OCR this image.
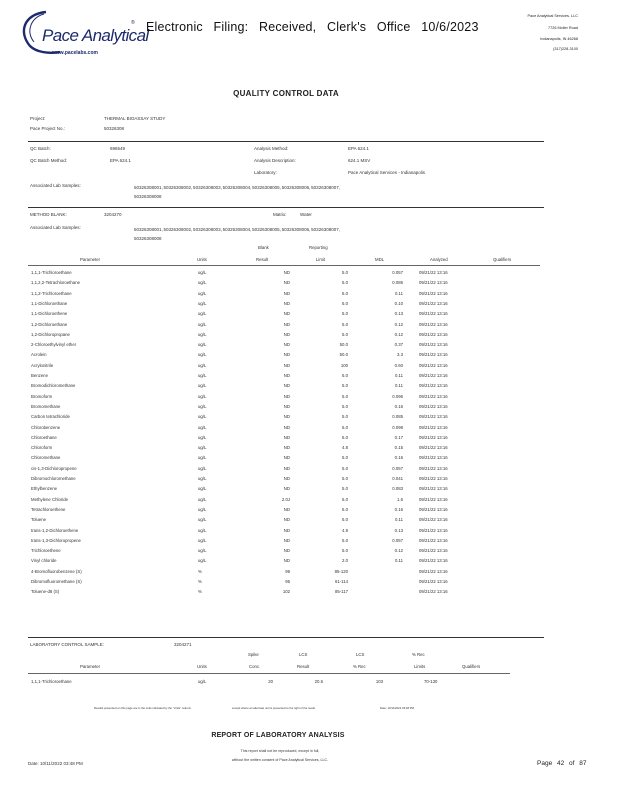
Pace Analytical
®
www.pacelabs.com
Electronic Filing: Received, Clerk's Office 10/6/2023
Pace Analytical Services, LLC
7726 Moller Road
Indianapolis, IN 46268
(317)228-3100
QUALITY CONTROL DATA
Project:	THERMAL BIOASSAY STUDY
Pace Project No.:	50326308
QC Batch:	696549	Analysis Method:	EPA 624.1
QC Batch Method:	EPA 624.1	Analysis Description:	624.1 MSV
Laboratory:	Pace Analytical Services - Indianapolis
Associated Lab Samples:	50326308001, 50326308002, 50326308003, 50326308004, 50326308005, 50326308006, 50326308007,
50326308008
METHOD BLANK:	3204270	Matrix:	Water
Associated Lab Samples:	50326308001, 50326308002, 50326308003, 50326308004, 50326308005, 50326308006, 50326308007,
50326308008
Parameter	Units
Blank
Result
Reporting
Limit	MDL	Analyzed	Qualifiers
1,1,1-Trichloroethane	ug/L	ND	5.0	0.057	09/21/22 13:16
1,1,2,2-Tetrachloroethane	ug/L	ND	5.0	0.086	09/21/22 13:16
1,1,2-Trichloroethane	ug/L	ND	5.0	0.11	09/21/22 13:16
1,1-Dichloroethane	ug/L	ND	5.0	0.10	09/21/22 13:16
1,1-Dichloroethene	ug/L	ND	5.0	0.13	09/21/22 13:16
1,2-Dichloroethane	ug/L	ND	5.0	0.12	09/21/22 13:16
1,2-Dichloropropane	ug/L	ND	5.0	0.12	09/21/22 13:16
2-Chloroethylvinyl ether	ug/L	ND	50.0	0.37	09/21/22 13:16
Acrolein	ug/L	ND	50.0	3.3	09/21/22 13:16
Acrylonitrile	ug/L	ND	100	0.60	09/21/22 13:16
Benzene	ug/L	ND	5.0	0.11	09/21/22 13:16
Bromodichloromethane	ug/L	ND	5.0	0.11	09/21/22 13:16
Bromoform	ug/L	ND	5.0	0.096	09/21/22 13:16
Bromomethane	ug/L	ND	5.0	0.16	09/21/22 13:16
Carbon tetrachloride	ug/L	ND	5.0	0.085	09/21/22 13:16
Chlorobenzene	ug/L	ND	5.0	0.098	09/21/22 13:16
Chloroethane	ug/L	ND	5.0	0.17	09/21/22 13:16
Chloroform	ug/L	ND	4.8	0.15	09/21/22 13:16
Chloromethane	ug/L	ND	5.0	0.16	09/21/22 13:16
cis-1,3-Dichloropropene	ug/L	ND	5.0	0.057	09/21/22 13:16
Dibromochloromethane	ug/L	ND	5.0	0.041	09/21/22 13:16
Ethylbenzene	ug/L	ND	5.0	0.083	09/21/22 13:16
Methylene Chloride	ug/L	2.0J	5.0	1.6	09/21/22 13:16
Tetrachloroethene	ug/L	ND	5.0	0.16	09/21/22 13:16
Toluene	ug/L	ND	5.0	0.11	09/21/22 13:16
trans-1,2-Dichloroethene	ug/L	ND	4.8	0.13	09/21/22 13:16
trans-1,3-Dichloropropene	ug/L	ND	5.0	0.057	09/21/22 13:16
Trichloroethene	ug/L	ND	5.0	0.12	09/21/22 13:16
Vinyl chloride	ug/L	ND	2.0	0.11	09/21/22 13:16
4-Bromofluorobenzene (S)	%	99	85-120	09/21/22 13:16
Dibromofluoromethane (S)	%	95	61-114	09/21/22 13:16
Toluene-d8 (S)	%	102	85-117	09/21/22 13:16
LABORATORY CONTROL SAMPLE:	3204271
Parameter	Units
Spike
Conc.
LCS
Result
LCS
% Rec
% Rec
Limits	Qualifiers
1,1,1-Trichloroethane	ug/L	20	20.6	103	70-130
Results presented on this page are in the units indicated by the "Units" column	except where an alternate unit is presented to the right of the result.	Date: 10/11/2022 03:48 PM
REPORT OF LABORATORY ANALYSIS
This report shall not be reproduced, except in full,
without the written consent of Pace Analytical Services, LLC.
Date: 10/11/2022 03:48 PM	Page 42 of 87
